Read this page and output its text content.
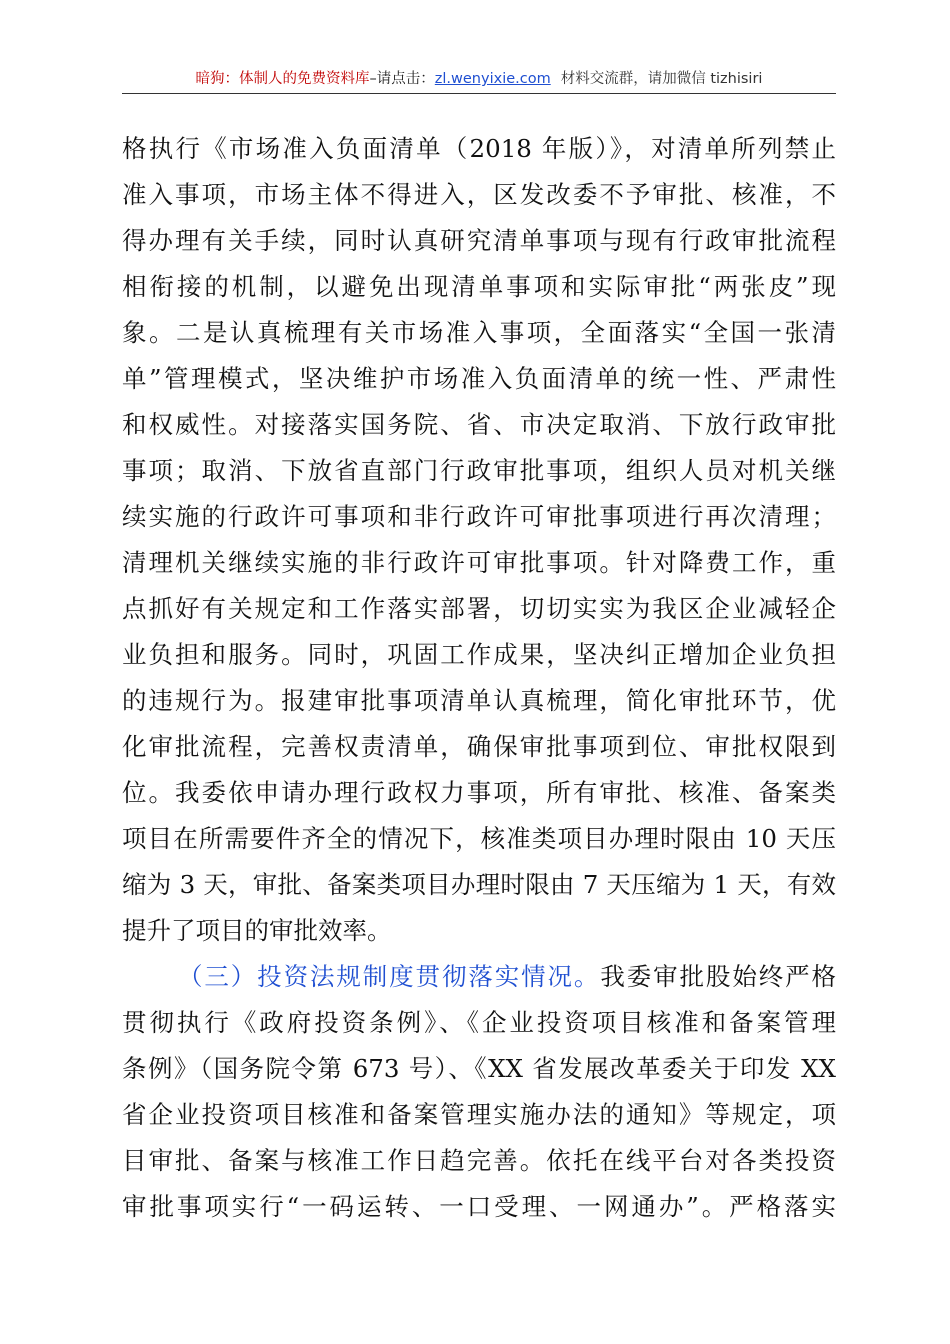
暗狗：体制人的免费资料库–请点击：zl.wenyixie.com 材料交流群，请加微信 tizhisiri
格执行《市场准入负面清单（2018 年版）》，对清单所列禁止
准入事项，市场主体不得进入，区发改委不予审批、核准，不
得办理有关手续，同时认真研究清单事项与现有行政审批流程
相衔接的机制，以避免出现清单事项和实际审批“两张皮”现
象。二是认真梳理有关市场准入事项，全面落实“全国一张清
单”管理模式，坚决维护市场准入负面清单的统一性、严肃性
和权威性。对接落实国务院、省、市决定取消、下放行政审批
事项；取消、下放省直部门行政审批事项，组织人员对机关继
续实施的行政许可事项和非行政许可审批事项进行再次清理；
清理机关继续实施的非行政许可审批事项。针对降费工作，重
点抓好有关规定和工作落实部署，切切实实为我区企业减轻企
业负担和服务。同时，巩固工作成果，坚决纠正增加企业负担
的违规行为。报建审批事项清单认真梳理，简化审批环节，优
化审批流程，完善权责清单，确保审批事项到位、审批权限到
位。我委依申请办理行政权力事项，所有审批、核准、备案类
项目在所需要件齐全的情况下，核准类项目办理时限由 10 天压
缩为 3 天，审批、备案类项目办理时限由 7 天压缩为 1 天，有效
提升了项目的审批效率。
（三）投资法规制度贯彻落实情况。我委审批股始终严格
贯彻执行《政府投资条例》、《企业投资项目核准和备案管理
条例》（国务院令第 673 号）、《XX 省发展改革委关于印发 XX
省企业投资项目核准和备案管理实施办法的通知》等规定，项
目审批、备案与核准工作日趋完善。依托在线平台对各类投资
审批事项实行“一码运转、一口受理、一网通办”。严格落实
